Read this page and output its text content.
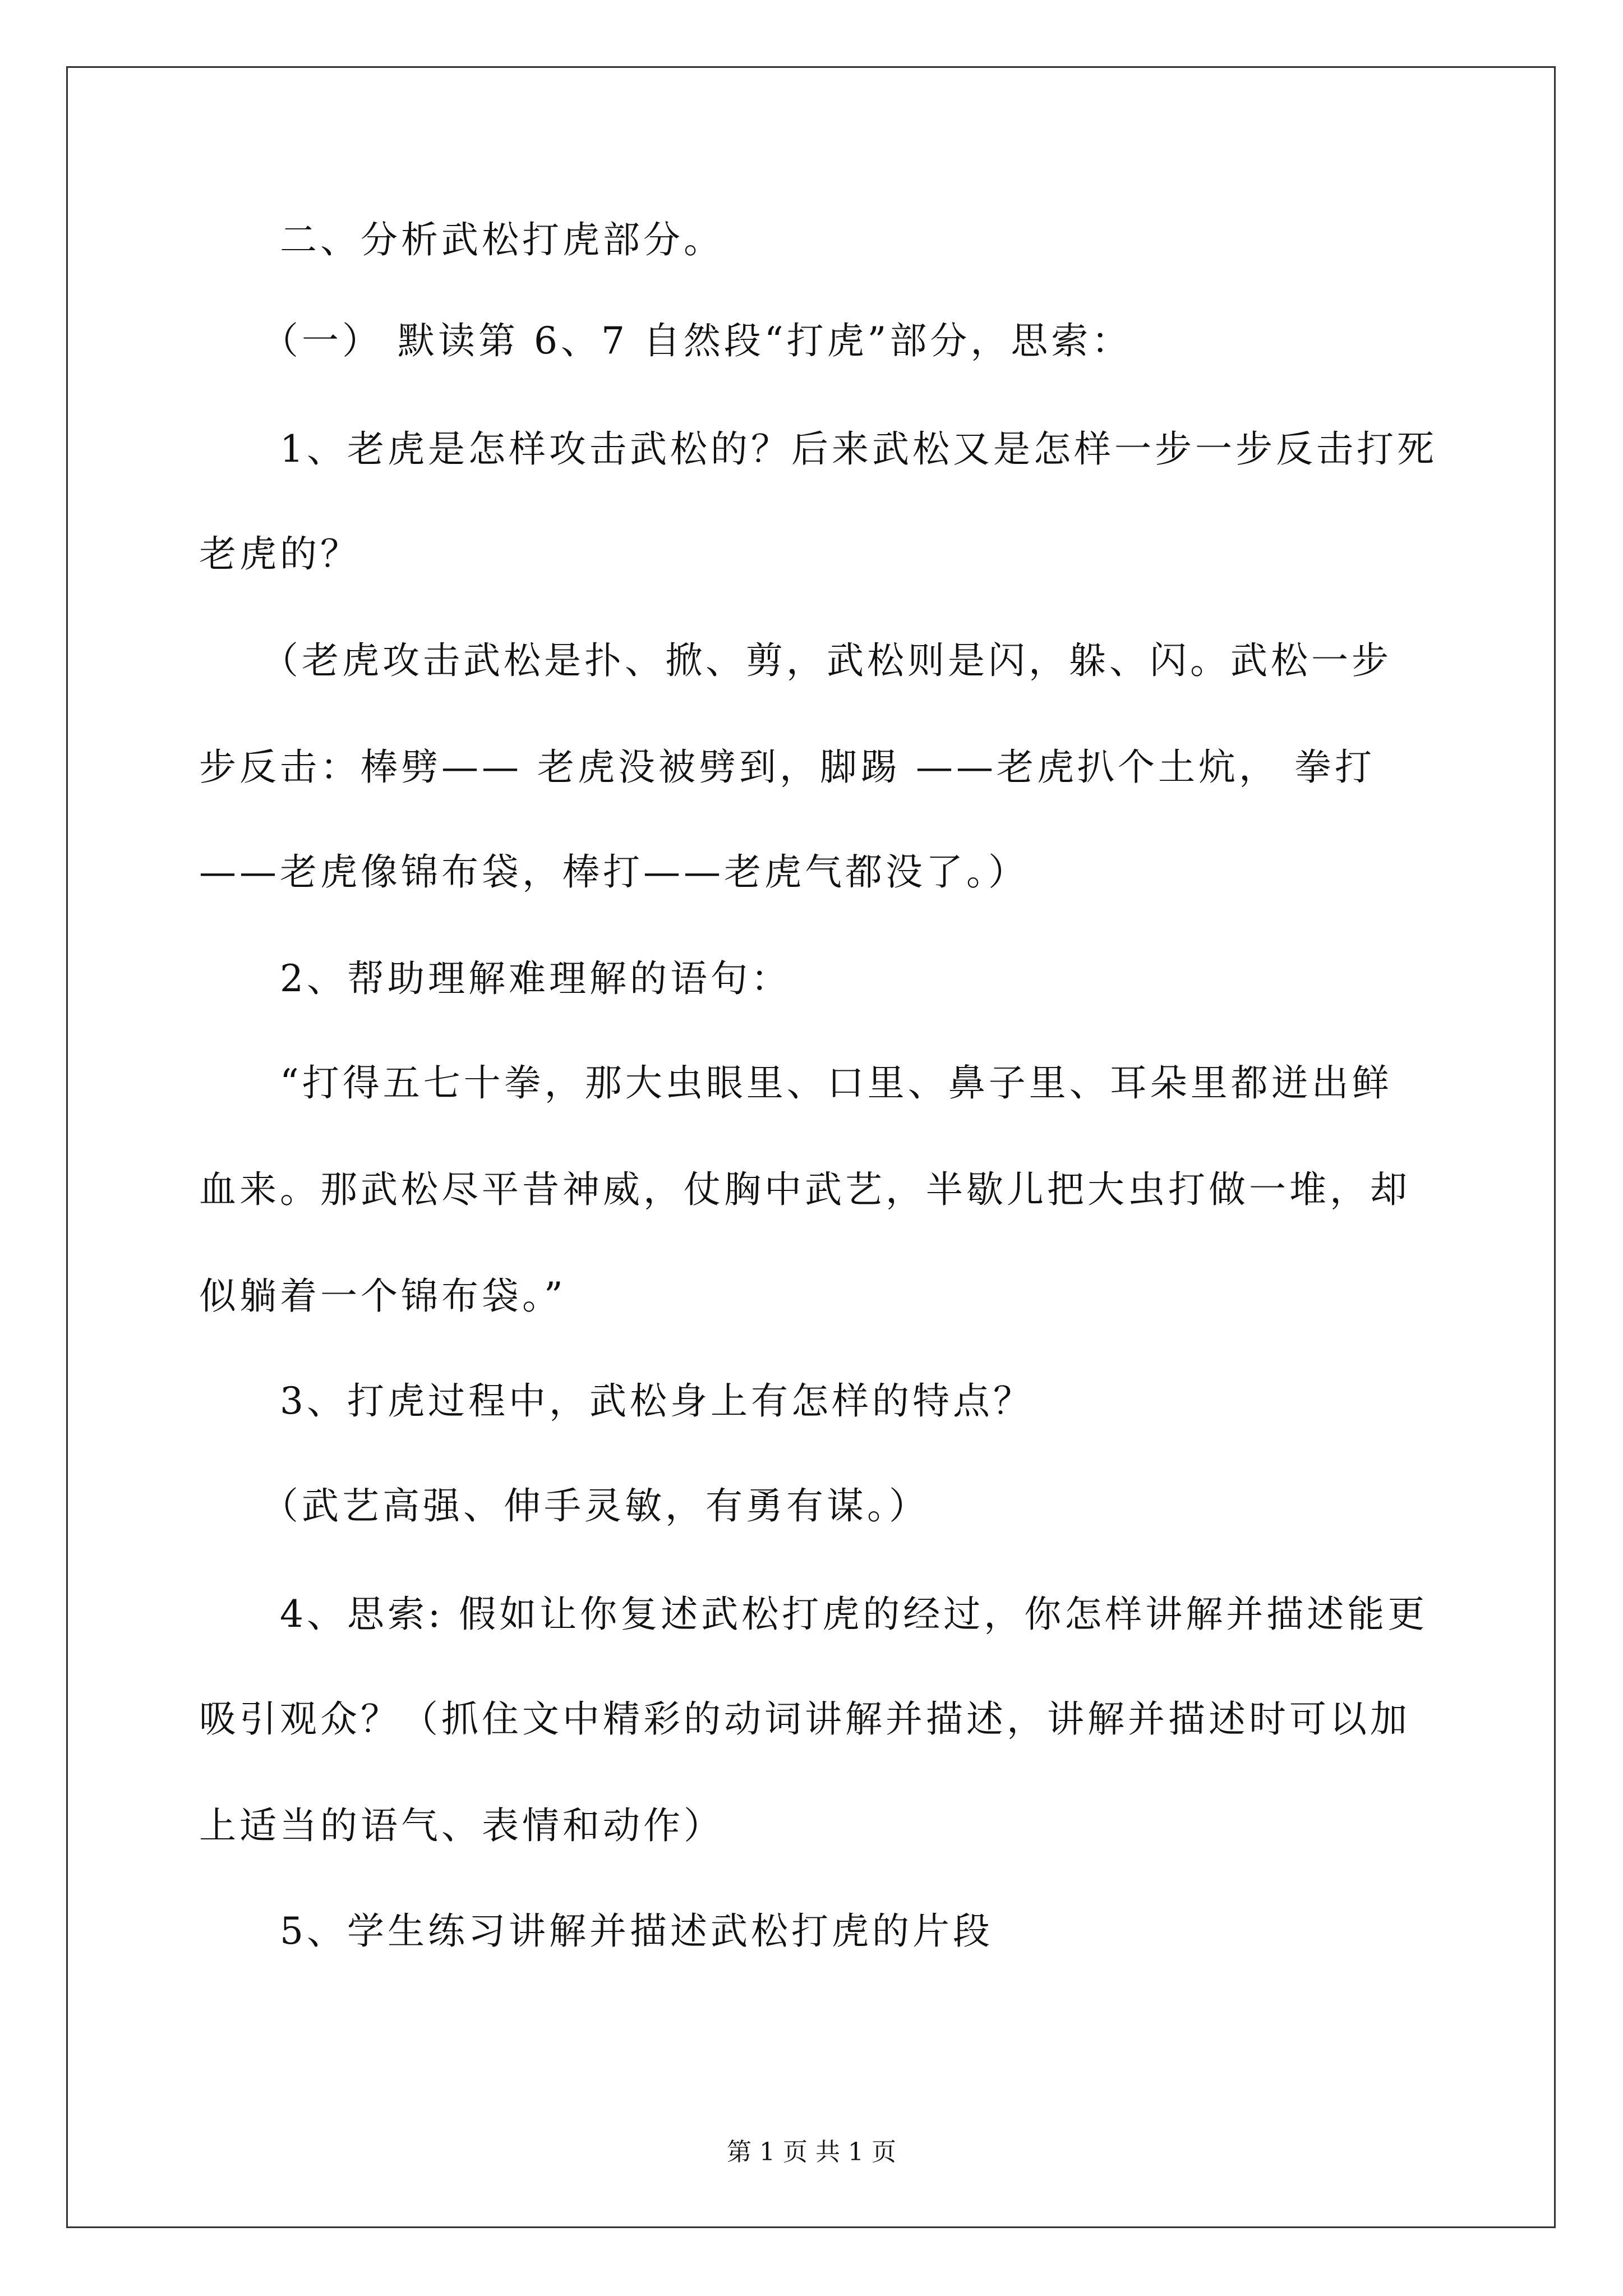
　　二、分析武松打虎部分。
　　（一） 默读第 6、7 自然段“打虎”部分，思索：
　　1、老虎是怎样攻击武松的？后来武松又是怎样一步一步反击打死
老虎的？
　　（老虎攻击武松是扑、掀、剪，武松则是闪，躲、闪。武松一步
步反击：棒劈—— 老虎没被劈到，脚踢 ——老虎扒个土炕， 拳打
——老虎像锦布袋，棒打——老虎气都没了。）
　　2、帮助理解难理解的语句：
　　“打得五七十拳，那大虫眼里、口里、鼻子里、耳朵里都迸出鲜
血来。那武松尽平昔神威，仗胸中武艺，半歇儿把大虫打做一堆，却
似躺着一个锦布袋。”
　　3、打虎过程中，武松身上有怎样的特点？
　　（武艺高强、伸手灵敏，有勇有谋。）
　　4、思索: 假如让你复述武松打虎的经过，你怎样讲解并描述能更
吸引观众？（抓住文中精彩的动词讲解并描述，讲解并描述时可以加
上适当的语气、表情和动作）
　　5、学生练习讲解并描述武松打虎的片段
第 1 页 共 1 页
